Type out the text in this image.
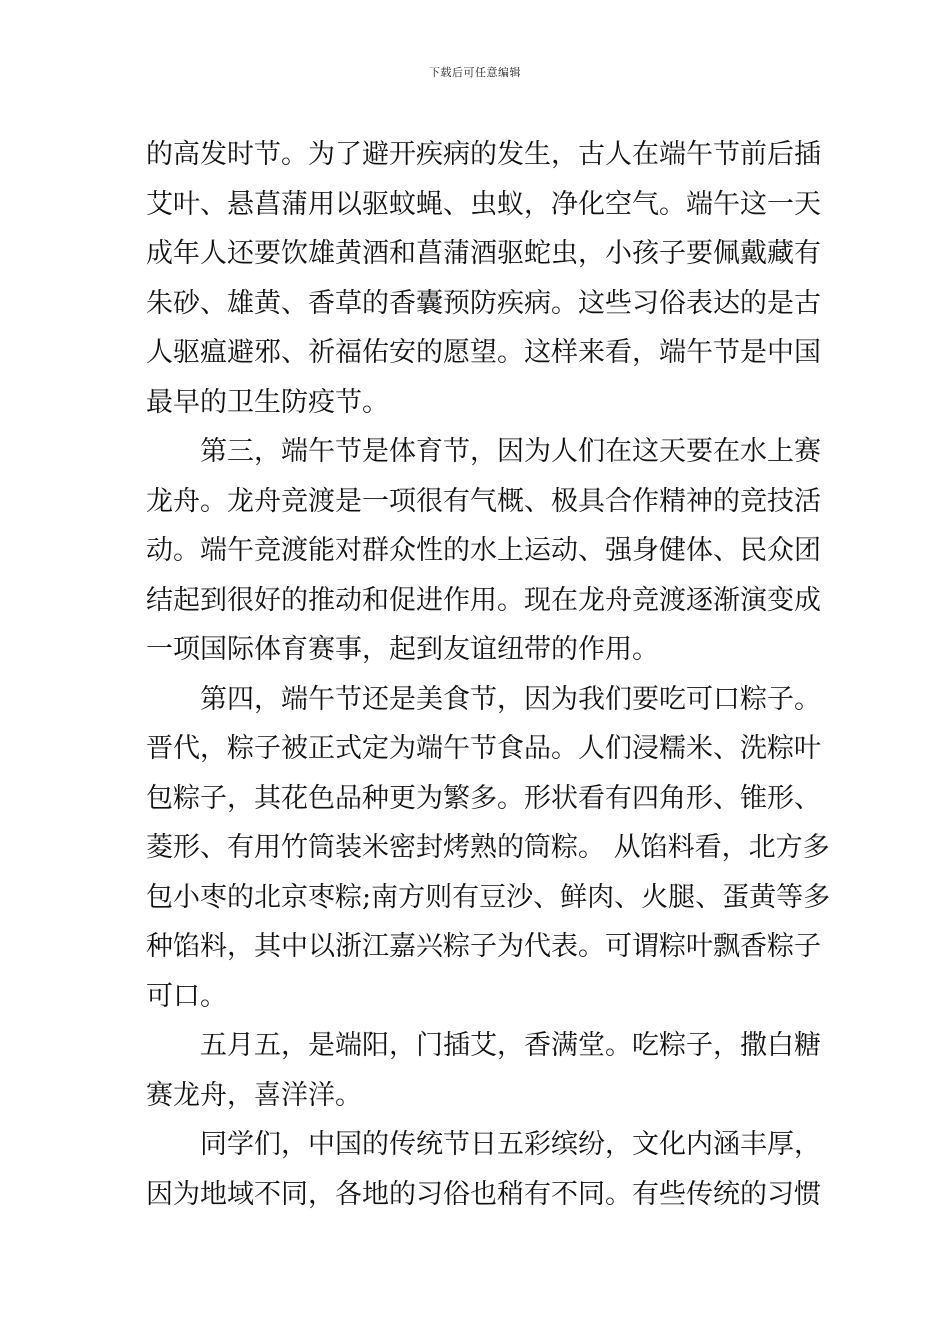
下载后可任意编辑
的高发时节。为了避开疾病的发生，古人在端午节前后插
艾叶、悬菖蒲用以驱蚊蝇、虫蚁，净化空气。端午这一天
成年人还要饮雄黄酒和菖蒲酒驱蛇虫，小孩子要佩戴藏有
朱砂、雄黄、香草的香囊预防疾病。这些习俗表达的是古
人驱瘟避邪、祈福佑安的愿望。这样来看，端午节是中国
最早的卫生防疫节。
　　第三，端午节是体育节，因为人们在这天要在水上赛
龙舟。龙舟竞渡是一项很有气概、极具合作精神的竞技活
动。端午竞渡能对群众性的水上运动、强身健体、民众团
结起到很好的推动和促进作用。现在龙舟竞渡逐渐演变成
一项国际体育赛事，起到友谊纽带的作用。
　　第四，端午节还是美食节，因为我们要吃可口粽子。
晋代，粽子被正式定为端午节食品。人们浸糯米、洗粽叶
包粽子，其花色品种更为繁多。形状看有四角形、锥形、
菱形、有用竹筒装米密封烤熟的筒粽。 从馅料看，北方多
包小枣的北京枣粽;南方则有豆沙、鲜肉、火腿、蛋黄等多
种馅料，其中以浙江嘉兴粽子为代表。可谓粽叶飘香粽子
可口。
　　五月五，是端阳，门插艾，香满堂。吃粽子，撒白糖
赛龙舟，喜洋洋。
　　同学们，中国的传统节日五彩缤纷，文化内涵丰厚，
因为地域不同，各地的习俗也稍有不同。有些传统的习惯
